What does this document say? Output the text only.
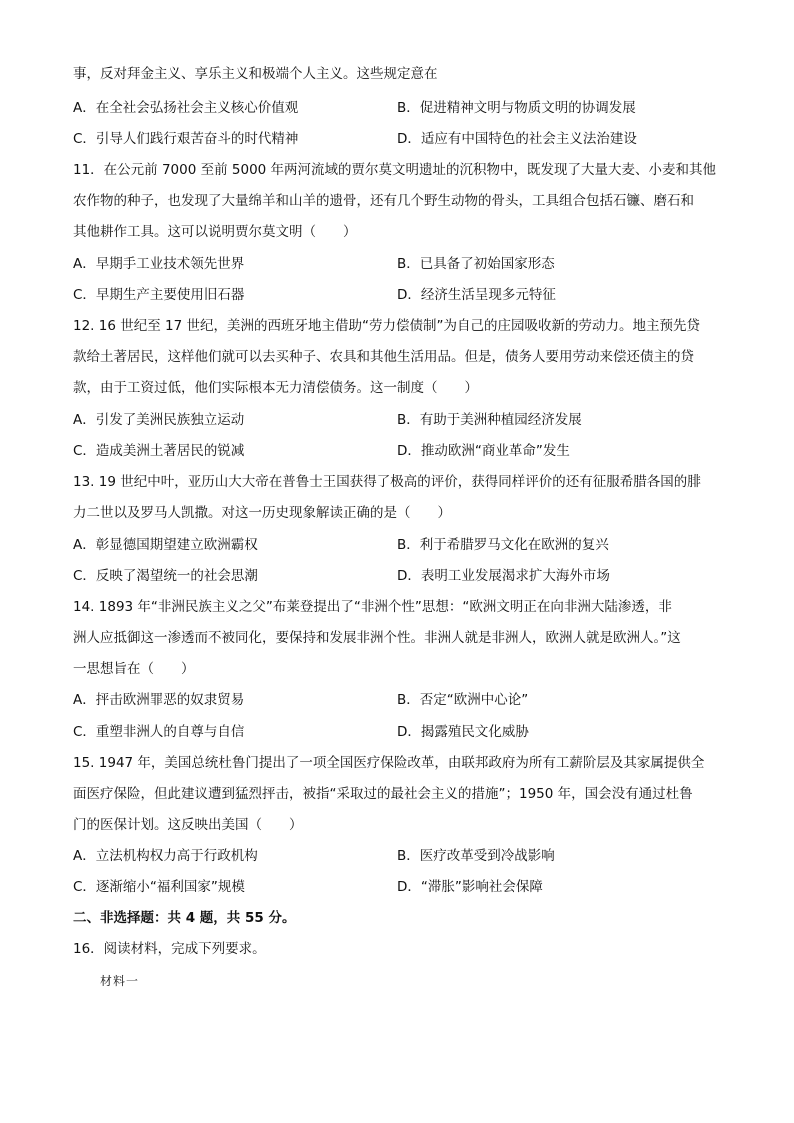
事，反对拜金主义、享乐主义和极端个人主义。这些规定意在
A．在全社会弘扬社会主义核心价值观	B．促进精神文明与物质文明的协调发展
C．引导人们践行艰苦奋斗的时代精神	D．适应有中国特色的社会主义法治建设
11．在公元前 7000 至前 5000 年两河流域的贾尔莫文明遗址的沉积物中，既发现了大量大麦、小麦和其他
农作物的种子，也发现了大量绵羊和山羊的遗骨，还有几个野生动物的骨头，工具组合包括石镰、磨石和
其他耕作工具。这可以说明贾尔莫文明（　　）
A．早期手工业技术领先世界	B．已具备了初始国家形态
C．早期生产主要使用旧石器	D．经济生活呈现多元特征
12. 16 世纪至 17 世纪，美洲的西班牙地主借助“劳力偿债制”为自己的庄园吸收新的劳动力。地主预先贷
款给土著居民，这样他们就可以去买种子、农具和其他生活用品。但是，债务人要用劳动来偿还债主的贷
款，由于工资过低，他们实际根本无力清偿债务。这一制度（　　）
A．引发了美洲民族独立运动	B．有助于美洲种植园经济发展
C．造成美洲土著居民的锐减	D．推动欧洲“商业革命”发生
13. 19 世纪中叶，亚历山大大帝在普鲁士王国获得了极高的评价，获得同样评价的还有征服希腊各国的腓
力二世以及罗马人凯撒。对这一历史现象解读正确的是（　　）
A．彰显德国期望建立欧洲霸权	B．利于希腊罗马文化在欧洲的复兴
C．反映了渴望统一的社会思潮	D．表明工业发展渴求扩大海外市场
14. 1893 年“非洲民族主义之父”布莱登提出了“非洲个性”思想：“欧洲文明正在向非洲大陆渗透，非
洲人应抵御这一渗透而不被同化，要保持和发展非洲个性。非洲人就是非洲人，欧洲人就是欧洲人。”这
一思想旨在（　　）
A．抨击欧洲罪恶的奴隶贸易	B．否定“欧洲中心论”
C．重塑非洲人的自尊与自信	D．揭露殖民文化威胁
15. 1947 年，美国总统杜鲁门提出了一项全国医疗保险改革，由联邦政府为所有工薪阶层及其家属提供全
面医疗保险，但此建议遭到猛烈抨击，被指“采取过的最社会主义的措施”；1950 年，国会没有通过杜鲁
门的医保计划。这反映出美国（　　）
A．立法机构权力高于行政机构	B．医疗改革受到冷战影响
C．逐渐缩小“福利国家”规模	D．“滞胀”影响社会保障
二、非选择题：共 4 题，共 55 分。
16．阅读材料，完成下列要求。
材料一
